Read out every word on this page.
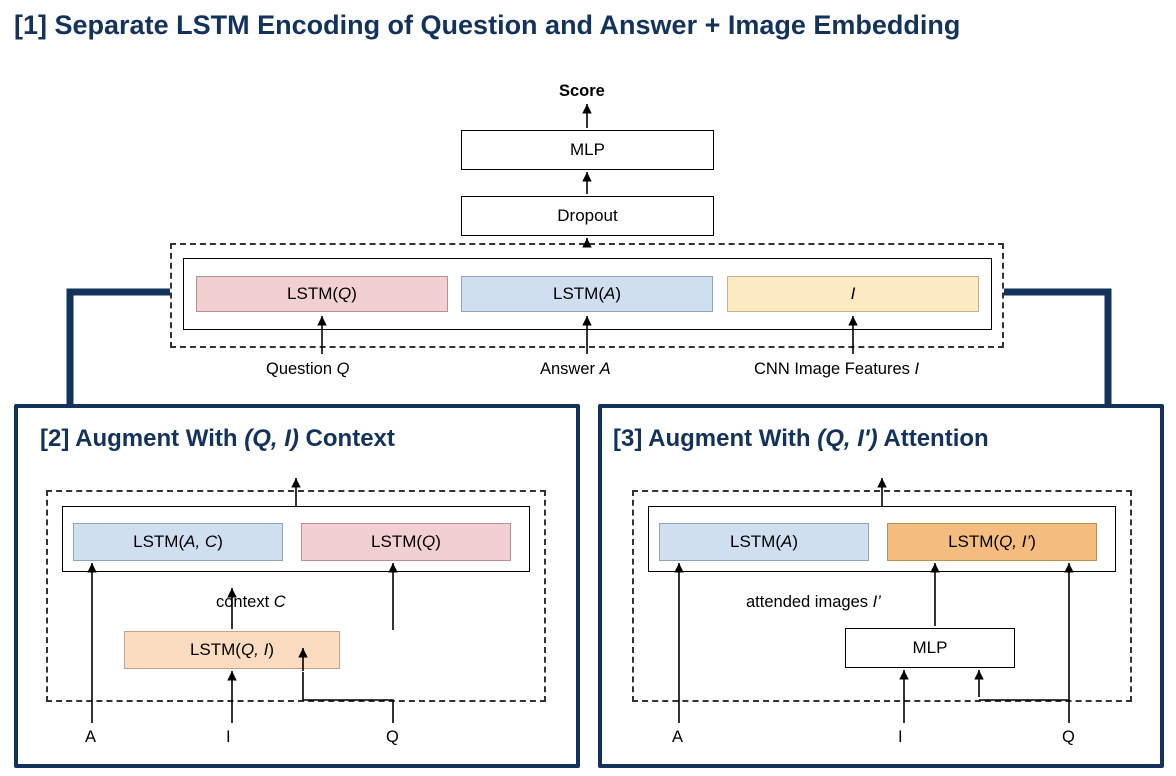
[1] Separate LSTM Encoding of Question and Answer + Image Embedding
Score
MLP
Dropout
LSTM(Q)	LSTM(A)	I
Question Q	Answer A	CNN Image Features I
[2] Augment With (Q, I) Context
LSTM(A, C)	LSTM(Q)
context C
LSTM(Q, I)
A	I	Q
[3] Augment With (Q, I') Attention
LSTM(A)	LSTM(Q, I’)
attended images I’
MLP
A	I	Q
